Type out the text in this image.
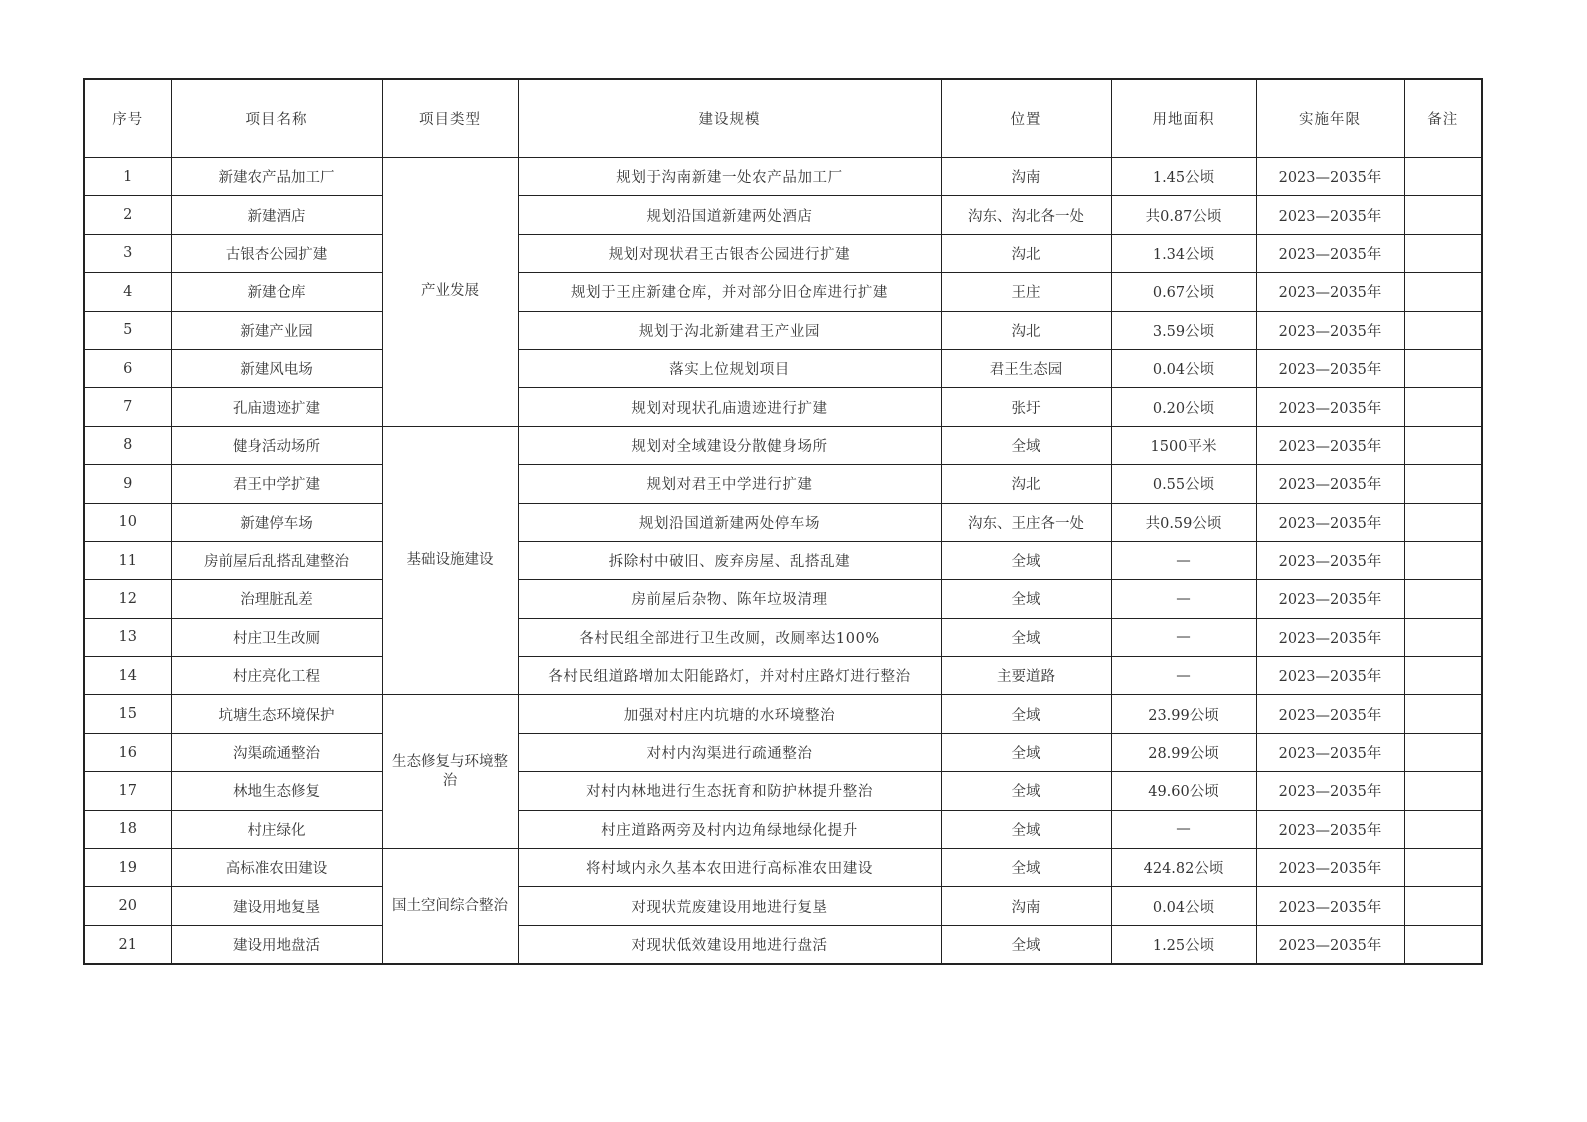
序号	项目名称	项目类型	建设规模	位置	用地面积	实施年限	备注
1	新建农产品加工厂	产业发展	规划于沟南新建一处农产品加工厂	沟南	1.45公顷	2023—2035年	
2	新建酒店		规划沿国道新建两处酒店	沟东、沟北各一处	共0.87公顷	2023—2035年	
3	古银杏公园扩建		规划对现状君王古银杏公园进行扩建	沟北	1.34公顷	2023—2035年	
4	新建仓库		规划于王庄新建仓库，并对部分旧仓库进行扩建	王庄	0.67公顷	2023—2035年	
5	新建产业园		规划于沟北新建君王产业园	沟北	3.59公顷	2023—2035年	
6	新建风电场		落实上位规划项目	君王生态园	0.04公顷	2023—2035年	
7	孔庙遗迹扩建		规划对现状孔庙遗迹进行扩建	张圩	0.20公顷	2023—2035年	
8	健身活动场所	基础设施建设	规划对全域建设分散健身场所	全域	1500平米	2023—2035年	
9	君王中学扩建		规划对君王中学进行扩建	沟北	0.55公顷	2023—2035年	
10	新建停车场		规划沿国道新建两处停车场	沟东、王庄各一处	共0.59公顷	2023—2035年	
11	房前屋后乱搭乱建整治		拆除村中破旧、废弃房屋、乱搭乱建	全域	—	2023—2035年	
12	治理脏乱差		房前屋后杂物、陈年垃圾清理	全域	—	2023—2035年	
13	村庄卫生改厕		各村民组全部进行卫生改厕，改厕率达100%	全域	—	2023—2035年	
14	村庄亮化工程		各村民组道路增加太阳能路灯，并对村庄路灯进行整治	主要道路	—	2023—2035年	
15	坑塘生态环境保护	生态修复与环境整治	加强对村庄内坑塘的水环境整治	全域	23.99公顷	2023—2035年	
16	沟渠疏通整治		对村内沟渠进行疏通整治	全域	28.99公顷	2023—2035年	
17	林地生态修复		对村内林地进行生态抚育和防护林提升整治	全域	49.60公顷	2023—2035年	
18	村庄绿化		村庄道路两旁及村内边角绿地绿化提升	全域	—	2023—2035年	
19	高标准农田建设	国土空间综合整治	将村域内永久基本农田进行高标准农田建设	全域	424.82公顷	2023—2035年	
20	建设用地复垦		对现状荒废建设用地进行复垦	沟南	0.04公顷	2023—2035年	
21	建设用地盘活		对现状低效建设用地进行盘活	全域	1.25公顷	2023—2035年	
